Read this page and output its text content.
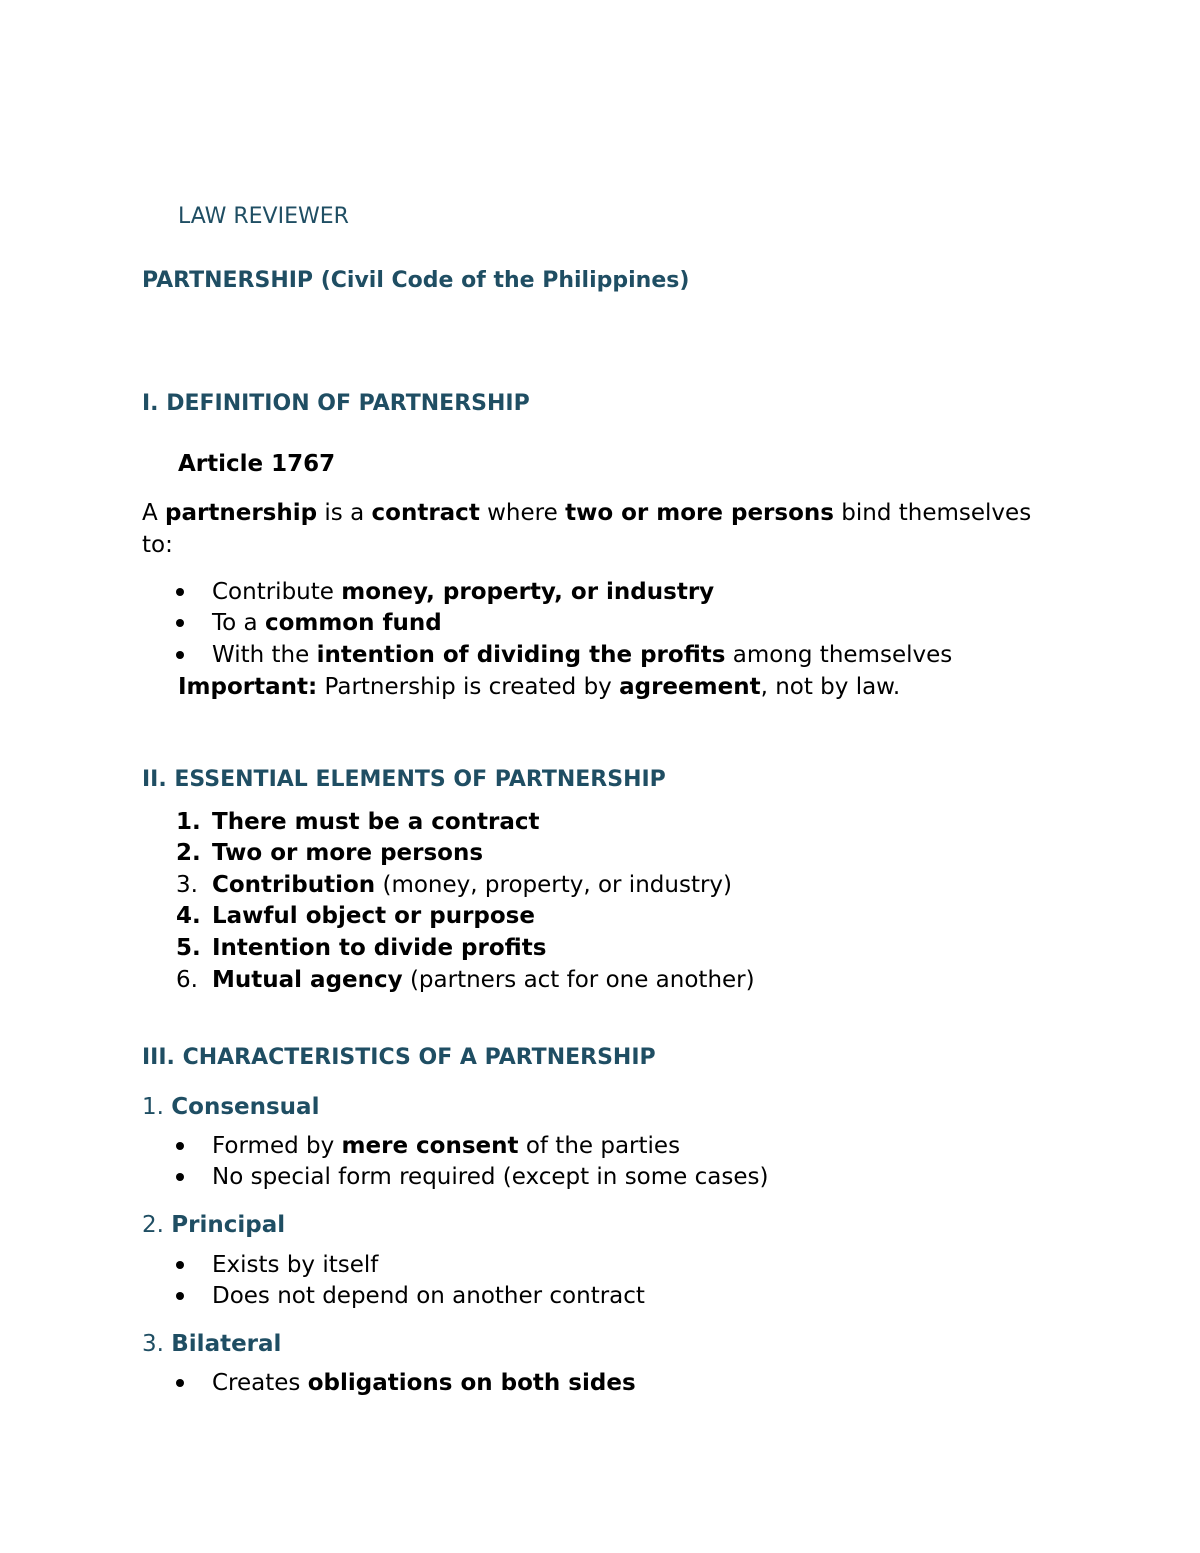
LAW REVIEWER
PARTNERSHIP (Civil Code of the Philippines)
I. DEFINITION OF PARTNERSHIP
Article 1767
A partnership is a contract where two or more persons bind themselves
to:
Contribute money, property, or industry
To a common fund
With the intention of dividing the profits among themselves
Important: Partnership is created by agreement, not by law.
II. ESSENTIAL ELEMENTS OF PARTNERSHIP
1. There must be a contract
2. Two or more persons
3. Contribution (money, property, or industry)
4. Lawful object or purpose
5. Intention to divide profits
6. Mutual agency (partners act for one another)
III. CHARACTERISTICS OF A PARTNERSHIP
1. Consensual
Formed by mere consent of the parties
No special form required (except in some cases)
2. Principal
Exists by itself
Does not depend on another contract
3. Bilateral
Creates obligations on both sides
